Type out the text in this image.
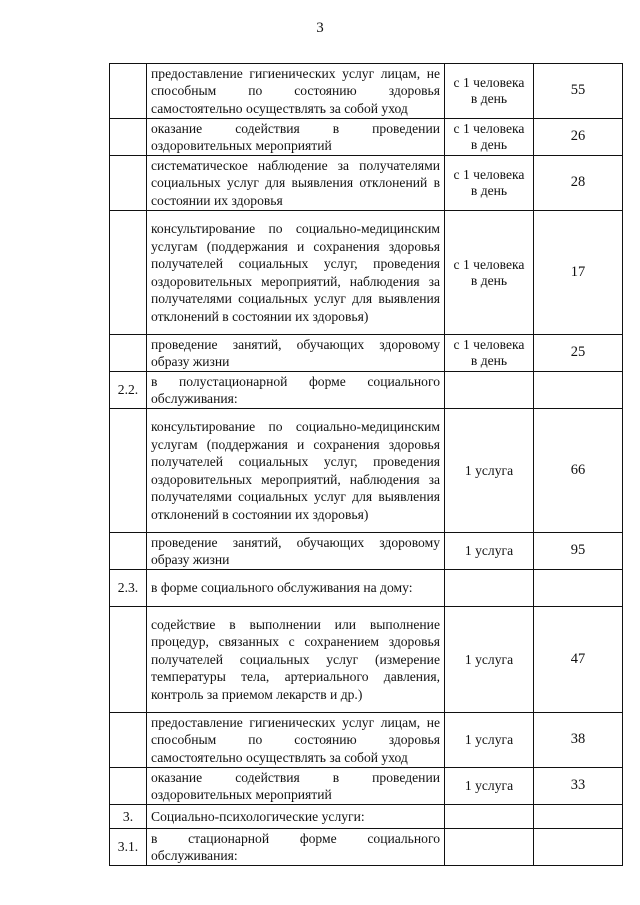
3
	предоставление гигиенических услуг лицам, не способным по состоянию здоровья самостоятельно осуществлять за собой уход	с 1 человека в день	55
	оказание содействия в проведении оздоровительных мероприятий	с 1 человека в день	26
	систематическое наблюдение за получателями социальных услуг для выявления отклонений в состоянии их здоровья	с 1 человека в день	28
	консультирование по социально-медицинским услугам (поддержания и сохранения здоровья получателей социальных услуг, проведения оздоровительных мероприятий, наблюдения за получателями социальных услуг для выявления отклонений в состоянии их здоровья)	с 1 человека в день	17
	проведение занятий, обучающих здоровому образу жизни	с 1 человека в день	25
2.2.	в полустационарной форме социального обслуживания:		
	консультирование по социально-медицинским услугам (поддержания и сохранения здоровья получателей социальных услуг, проведения оздоровительных мероприятий, наблюдения за получателями социальных услуг для выявления отклонений в состоянии их здоровья)	1 услуга	66
	проведение занятий, обучающих здоровому образу жизни	1 услуга	95
2.3.	в форме социального обслуживания на дому:		
	содействие в выполнении или выполнение процедур, связанных с сохранением здоровья получателей социальных услуг (измерение температуры тела, артериального давления, контроль за приемом лекарств и др.)	1 услуга	47
	предоставление гигиенических услуг лицам, не способным по состоянию здоровья самостоятельно осуществлять за собой уход	1 услуга	38
	оказание содействия в проведении оздоровительных мероприятий	1 услуга	33
3.	Социально-психологические услуги:		
3.1.	в стационарной форме социального обслуживания:		
